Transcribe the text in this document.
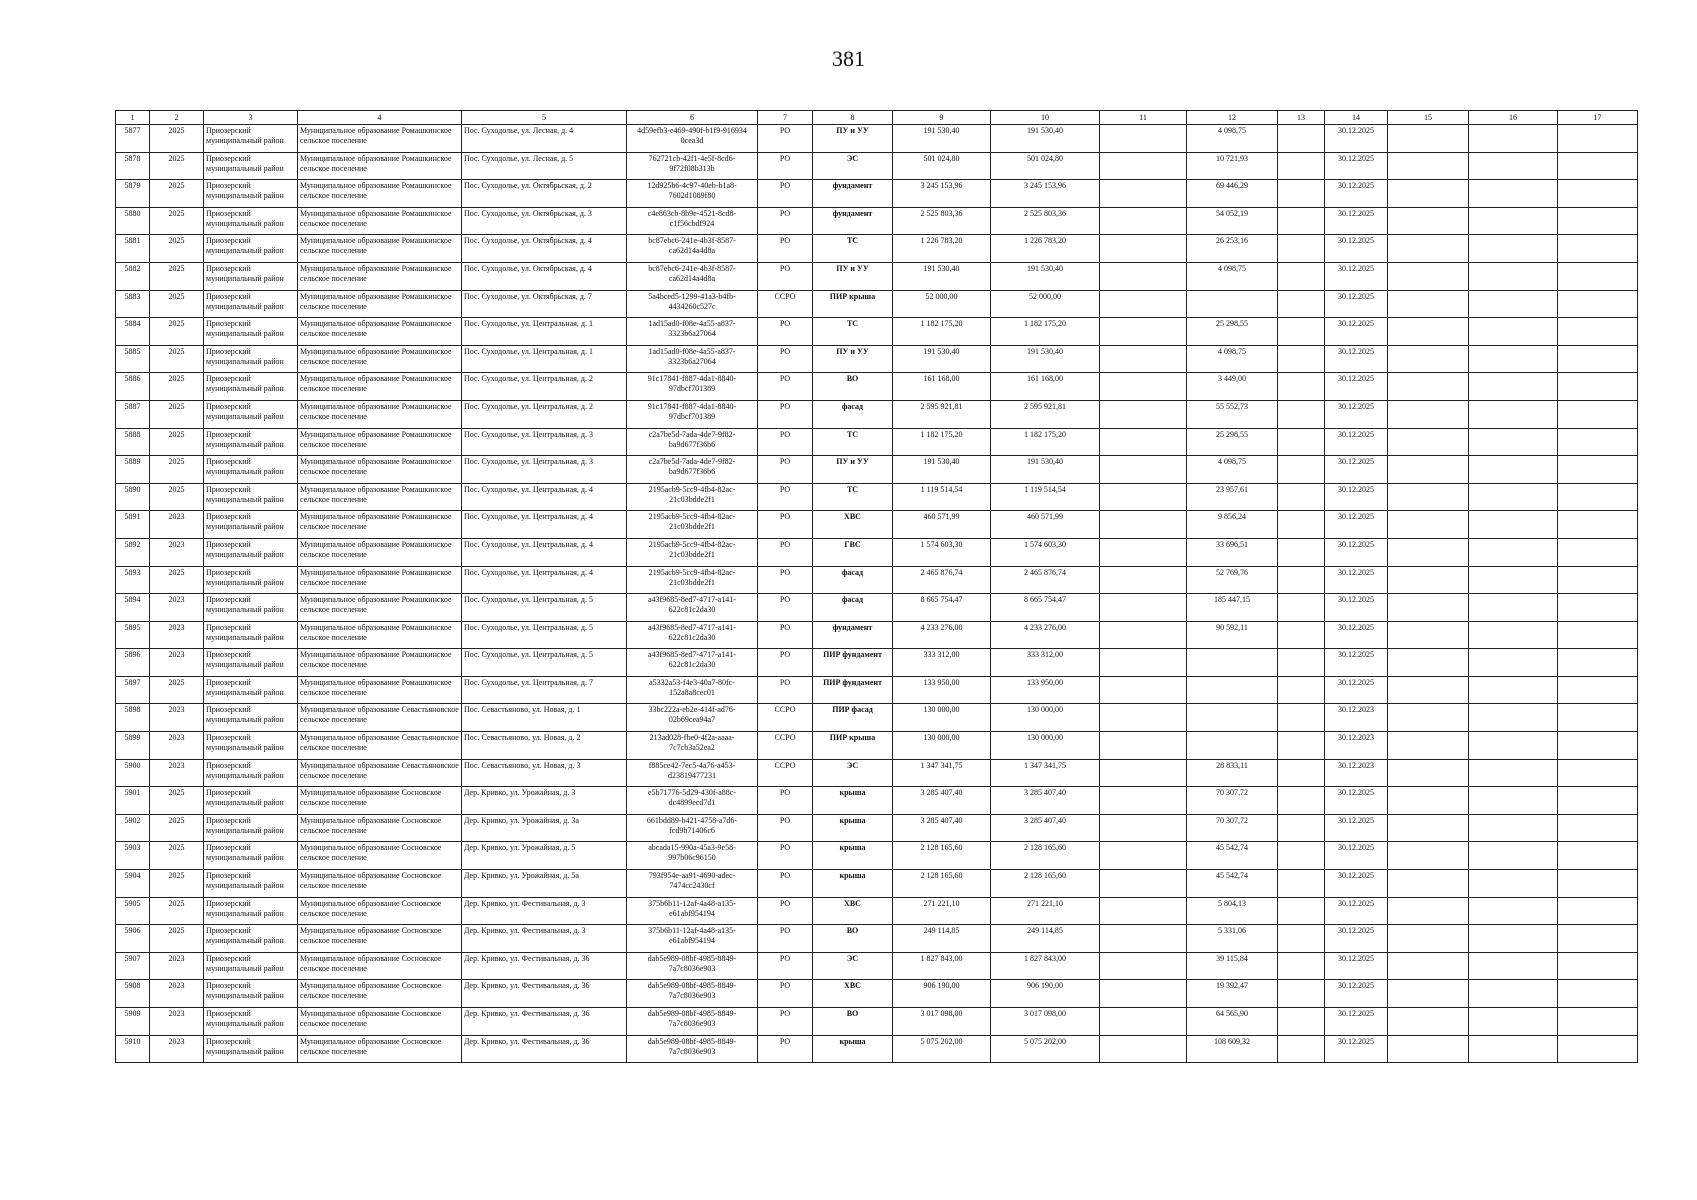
381
1	2	3	4	5	6	7	8	9	10	11	12	13	14	15	16	17
5877	2025	Приозерский муниципальный район	Муниципальное образование Ромашкинское сельское поселение	Пос. Суходолье, ул. Лесная, д. 4	4d59efb3-e469-490f-b1f9-916934 0cea3d	РО	ПУ и УУ	191 530,40	191 530,40		4 098,75		30.12.2025			
5878	2025	Приозерский муниципальный район	Муниципальное образование Ромашкинское сельское поселение	Пос. Суходолье, ул. Лесная, д. 5	762721cb-42f1-4e5f-8cd6-9f72f08b313b	РО	ЭС	501 024,80	501 024,80		10 721,93		30.12.2025			
5879	2025	Приозерский муниципальный район	Муниципальное образование Ромашкинское сельское поселение	Пос. Суходолье, ул. Октябрьская, д. 2	12d925b6-4c97-40eb-b1a8-7602d1089f80	РО	фундамент	3 245 153,96	3 245 153,96		69 446,29		30.12.2025			
5880	2025	Приозерский муниципальный район	Муниципальное образование Ромашкинское сельское поселение	Пос. Суходолье, ул. Октябрьская, д. 3	c4e863cb-8b9e-4521-8cd8-c1f56cbdf924	РО	фундамент	2 525 803,36	2 525 803,36		54 052,19		30.12.2025			
5881	2025	Приозерский муниципальный район	Муниципальное образование Ромашкинское сельское поселение	Пос. Суходолье, ул. Октябрьская, д. 4	bc87ebc6-241e-4b3f-8587-ca62d14a4d8a	РО	ТС	1 226 783,20	1 226 783,20		26 253,16		30.12.2025			
5882	2025	Приозерский муниципальный район	Муниципальное образование Ромашкинское сельское поселение	Пос. Суходолье, ул. Октябрьская, д. 4	bc87ebc6-241e-4b3f-8587-ca62d14a4d8a	РО	ПУ и УУ	191 530,40	191 530,40		4 098,75		30.12.2025			
5883	2025	Приозерский муниципальный район	Муниципальное образование Ромашкинское сельское поселение	Пос. Суходолье, ул. Октябрьская, д. 7	5a4bced5-1299-41a3-b4fb-4434260c527c	ССРО	ПИР крыша	52 000,00	52 000,00				30.12.2025			
5884	2025	Приозерский муниципальный район	Муниципальное образование Ромашкинское сельское поселение	Пос. Суходолье, ул. Центральная, д. 1	1ad15ad0-f08e-4a55-a837-3323b6a27064	РО	ТС	1 182 175,20	1 182 175,20		25 298,55		30.12.2025			
5885	2025	Приозерский муниципальный район	Муниципальное образование Ромашкинское сельское поселение	Пос. Суходолье, ул. Центральная, д. 1	1ad15ad0-f08e-4a55-a837-3323b6a27064	РО	ПУ и УУ	191 530,40	191 530,40		4 098,75		30.12.2025			
5886	2025	Приозерский муниципальный район	Муниципальное образование Ромашкинское сельское поселение	Пос. Суходолье, ул. Центральная, д. 2	91c17841-f887-4da1-8840-97dbcf701389	РО	ВО	161 168,00	161 168,00		3 449,00		30.12.2025			
5887	2025	Приозерский муниципальный район	Муниципальное образование Ромашкинское сельское поселение	Пос. Суходолье, ул. Центральная, д. 2	91c17841-f887-4da1-8840-97dbcf701389	РО	фасад	2 595 921,81	2 595 921,81		55 552,73		30.12.2025			
5888	2025	Приозерский муниципальный район	Муниципальное образование Ромашкинское сельское поселение	Пос. Суходолье, ул. Центральная, д. 3	c2a7be5d-7ada-4de7-9f82-ba9d677f36b6	РО	ТС	1 182 175,20	1 182 175,20		25 298,55		30.12.2025			
5889	2025	Приозерский муниципальный район	Муниципальное образование Ромашкинское сельское поселение	Пос. Суходолье, ул. Центральная, д. 3	c2a7be5d-7ada-4de7-9f82-ba9d677f36b6	РО	ПУ и УУ	191 530,40	191 530,40		4 098,75		30.12.2025			
5890	2025	Приозерский муниципальный район	Муниципальное образование Ромашкинское сельское поселение	Пос. Суходолье, ул. Центральная, д. 4	2195acb9-5cc9-4fb4-82ac-21c03bdde2f1	РО	ТС	1 119 514,54	1 119 514,54		23 957,61		30.12.2025			
5891	2023	Приозерский муниципальный район	Муниципальное образование Ромашкинское сельское поселение	Пос. Суходолье, ул. Центральная, д. 4	2195acb9-5cc9-4fb4-82ac-21c03bdde2f1	РО	ХВС	460 571,99	460 571,99		9 856,24		30.12.2025			
5892	2023	Приозерский муниципальный район	Муниципальное образование Ромашкинское сельское поселение	Пос. Суходолье, ул. Центральная, д. 4	2195acb9-5cc9-4fb4-82ac-21c03bdde2f1	РО	ГВС	1 574 603,30	1 574 603,30		33 696,51		30.12.2025			
5893	2025	Приозерский муниципальный район	Муниципальное образование Ромашкинское сельское поселение	Пос. Суходолье, ул. Центральная, д. 4	2195acb9-5cc9-4fb4-82ac-21c03bdde2f1	РО	фасад	2 465 876,74	2 465 876,74		52 769,76		30.12.2025			
5894	2023	Приозерский муниципальный район	Муниципальное образование Ромашкинское сельское поселение	Пос. Суходолье, ул. Центральная, д. 5	a43f9685-8ed7-4717-a141-622c81c2da30	РО	фасад	8 665 754,47	8 665 754,47		185 447,15		30.12.2025			
5895	2023	Приозерский муниципальный район	Муниципальное образование Ромашкинское сельское поселение	Пос. Суходолье, ул. Центральная, д. 5	a43f9685-8ed7-4717-a141-622c81c2da30	РО	фундамент	4 233 276,00	4 233 276,00		90 592,11		30.12.2025			
5896	2023	Приозерский муниципальный район	Муниципальное образование Ромашкинское сельское поселение	Пос. Суходолье, ул. Центральная, д. 5	a43f9685-8ed7-4717-a141-622c81c2da30	РО	ПИР фундамент	333 312,00	333 312,00				30.12.2025			
5897	2025	Приозерский муниципальный район	Муниципальное образование Ромашкинское сельское поселение	Пос. Суходолье, ул. Центральная, д. 7	a5332a53-f4e3-40a7-80fc-152a8a8cec01	РО	ПИР фундамент	133 950,00	133 950,00				30.12.2025			
5898	2023	Приозерский муниципальный район	Муниципальное образование Севастьяновское сельское поселение	Пос. Севастьяново, ул. Новая, д. 1	33bc222a-eb2e-414f-ad76-02b69cea94a7	ССРО	ПИР фасад	130 000,00	130 000,00				30.12.2023			
5899	2023	Приозерский муниципальный район	Муниципальное образование Севастьяновское сельское поселение	Пос. Севастьяново, ул. Новая, д. 2	213ad028-fbe0-4f2a-aaaa-7c7cb3a52ea2	ССРО	ПИР крыша	130 000,00	130 000,00				30.12.2023			
5900	2023	Приозерский муниципальный район	Муниципальное образование Севастьяновское сельское поселение	Пос. Севастьяново, ул. Новая, д. 3	f885ce42-7ec5-4a76-a453-d23819477231	ССРО	ЭС	1 347 341,75	1 347 341,75		28 833,11		30.12.2023			
5901	2025	Приозерский муниципальный район	Муниципальное образование Сосновское сельское поселение	Дер. Кривко, ул. Урожайная, д. 3	e5b71776-5d29-430f-a88c-dc4899ecd7d1	РО	крыша	3 285 407,40	3 285 407,40		70 307,72		30.12.2025			
5902	2025	Приозерский муниципальный район	Муниципальное образование Сосновское сельское поселение	Дер. Кривко, ул. Урожайная, д. 3а	661bdd89-b421-4758-a7d6-fcd9b71406c6	РО	крыша	3 285 407,40	3 285 407,40		70 307,72		30.12.2025			
5903	2025	Приозерский муниципальный район	Муниципальное образование Сосновское сельское поселение	Дер. Кривко, ул. Урожайная, д. 5	abcada15-990a-45a3-9e58-997b06c96150	РО	крыша	2 128 165,60	2 128 165,60		45 542,74		30.12.2025			
5904	2025	Приозерский муниципальный район	Муниципальное образование Сосновское сельское поселение	Дер. Кривко, ул. Урожайная, д. 5а	793f954e-aa91-4690-adec-7474cc2430cf	РО	крыша	2 128 165,60	2 128 165,60		45 542,74		30.12.2025			
5905	2025	Приозерский муниципальный район	Муниципальное образование Сосновское сельское поселение	Дер. Кривко, ул. Фестивальная, д. 3	375b6b11-12af-4a48-a135-e61abf954194	РО	ХВС	271 221,10	271 221,10		5 804,13		30.12.2025			
5906	2025	Приозерский муниципальный район	Муниципальное образование Сосновское сельское поселение	Дер. Кривко, ул. Фестивальная, д. 3	375b6b11-12af-4a48-a135-e61abf954194	РО	ВО	249 114,85	249 114,85		5 331,06		30.12.2025			
5907	2023	Приозерский муниципальный район	Муниципальное образование Сосновское сельское поселение	Дер. Кривко, ул. Фестивальная, д. 36	dab5e989-08bf-4985-8849-7a7c8036e903	РО	ЭС	1 827 843,00	1 827 843,00		39 115,84		30.12.2025			
5908	2023	Приозерский муниципальный район	Муниципальное образование Сосновское сельское поселение	Дер. Кривко, ул. Фестивальная, д. 36	dab5e989-08bf-4985-8849-7a7c8036e903	РО	ХВС	906 190,00	906 190,00		19 392,47		30.12.2025			
5909	2023	Приозерский муниципальный район	Муниципальное образование Сосновское сельское поселение	Дер. Кривко, ул. Фестивальная, д. 36	dab5e989-08bf-4985-8849-7a7c8036e903	РО	ВО	3 017 098,00	3 017 098,00		64 565,90		30.12.2025			
5910	2023	Приозерский муниципальный район	Муниципальное образование Сосновское сельское поселение	Дер. Кривко, ул. Фестивальная, д. 36	dab5e989-08bf-4985-8849-7a7c8036e903	РО	крыша	5 075 202,00	5 075 202,00		108 609,32		30.12.2025			
